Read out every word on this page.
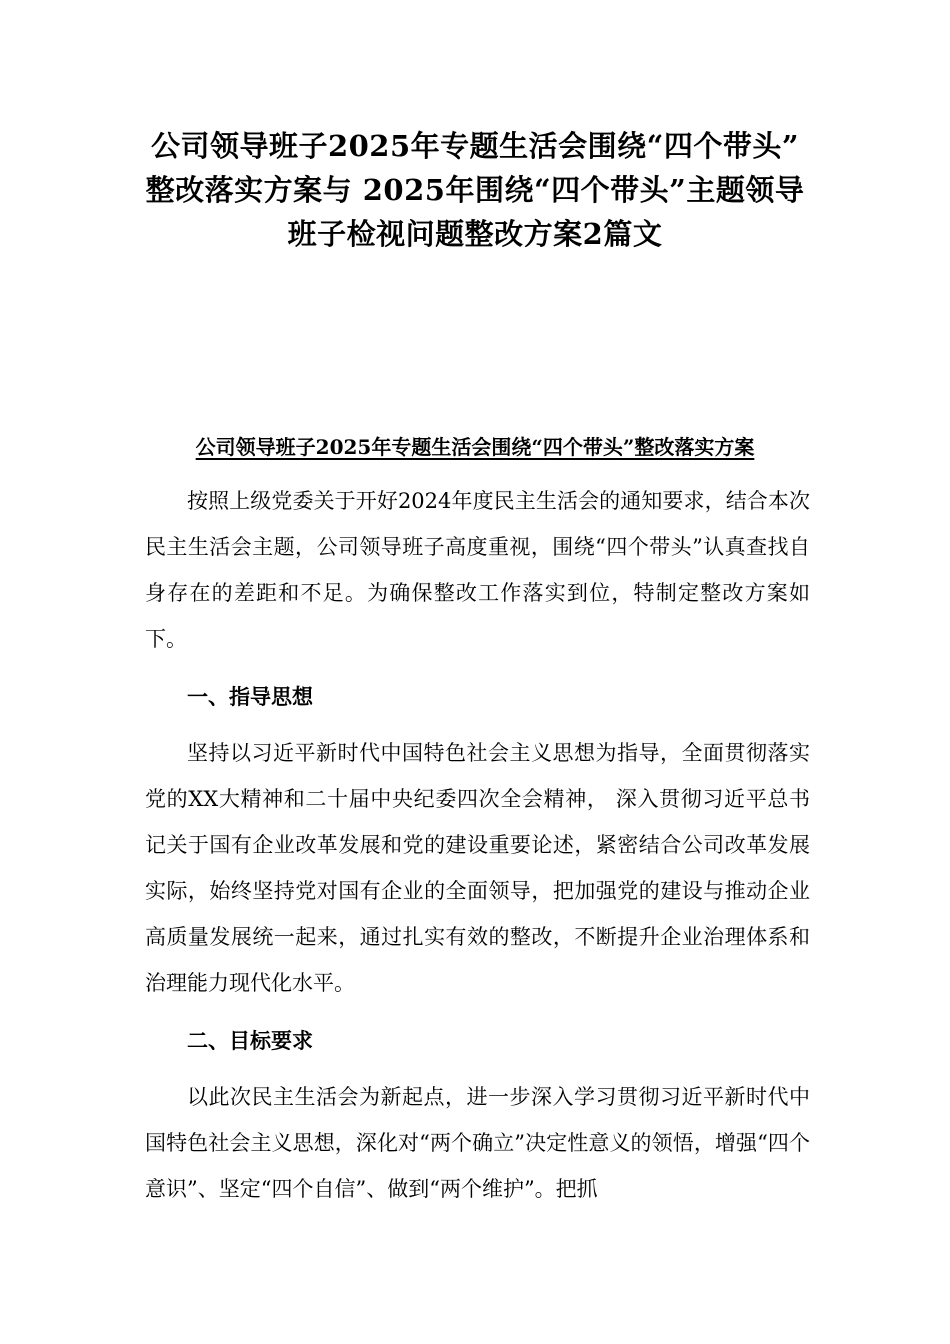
公司领导班子2025年专题生活会围绕“四个带头”
整改落实方案与 2025年围绕“四个带头”主题领导
班子检视问题整改方案2篇文
公司领导班子2025年专题生活会围绕“四个带头”整改落实方案

按照上级党委关于开好2024年度民主生活会的通知要求，结合本次民主生活会主题，公司领导班子高度重视，围绕“四个带头”认真查找自身存在的差距和不足。为确保整改工作落实到位，特制定整改方案如下。

一、指导思想

坚持以习近平新时代中国特色社会主义思想为指导，全面贯彻落实党的XX大精神和二十届中央纪委四次全会精神， 深入贯彻习近平总书记关于国有企业改革发展和党的建设重要论述，紧密结合公司改革发展实际，始终坚持党对国有企业的全面领导，把加强党的建设与推动企业高质量发展统一起来，通过扎实有效的整改，不断提升企业治理体系和治理能力现代化水平。

二、目标要求

以此次民主生活会为新起点，进一步深入学习贯彻习近平新时代中国特色社会主义思想，深化对“两个确立”决定性意义的领悟，增强“四个意识”、坚定“四个自信”、做到“两个维护”。把抓
